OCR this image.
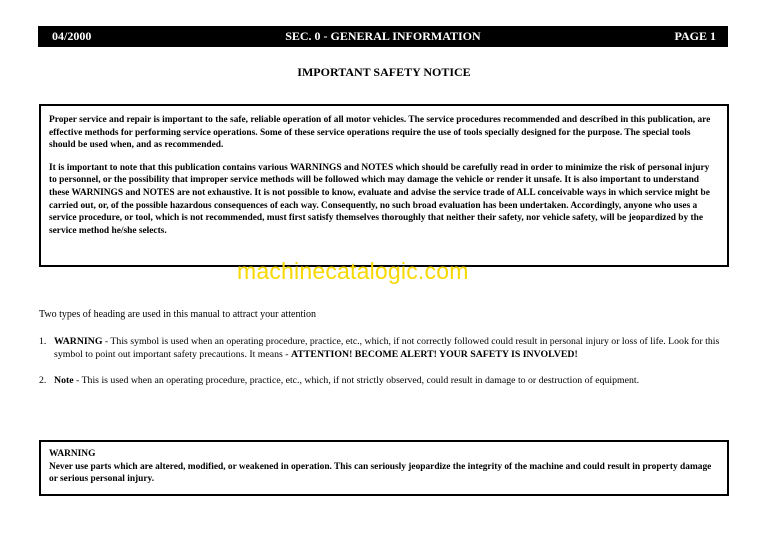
04/2000	SEC. 0 - GENERAL INFORMATION	PAGE 1
IMPORTANT SAFETY NOTICE

Proper service and repair is important to the safe, reliable operation of all motor vehicles. The service procedures recommended and described in this publication, are effective methods for performing service operations. Some of these service operations require the use of tools specially designed for the purpose. The special tools should be used when, and as recommended.

It is important to note that this publication contains various WARNINGS and NOTES which should be carefully read in order to minimize the risk of personal injury to personnel, or the possibility that improper service methods will be followed which may damage the vehicle or render it unsafe. It is also important to understand these WARNINGS and NOTES are not exhaustive. It is not possible to know, evaluate and advise the service trade of ALL conceivable ways in which service might be carried out, or, of the possible hazardous consequences of each way. Consequently, no such broad evaluation has been undertaken. Accordingly, anyone who uses a service procedure, or tool, which is not recommended, must first satisfy themselves thoroughly that neither their safety, nor vehicle safety, will be jeopardized by the service method he/she selects.

machinecatalogic.com
Two types of heading are used in this manual to attract your attention
1. WARNING - This symbol is used when an operating procedure, practice, etc., which, if not correctly followed could result in personal injury or loss of life. Look for this symbol to point out important safety precautions. It means - ATTENTION! BECOME ALERT! YOUR SAFETY IS INVOLVED!
2. Note - This is used when an operating procedure, practice, etc., which, if not strictly observed, could result in damage to or destruction of equipment.
WARNING
Never use parts which are altered, modified, or weakened in operation. This can seriously jeopardize the integrity of the machine and could result in property damage or serious personal injury.
